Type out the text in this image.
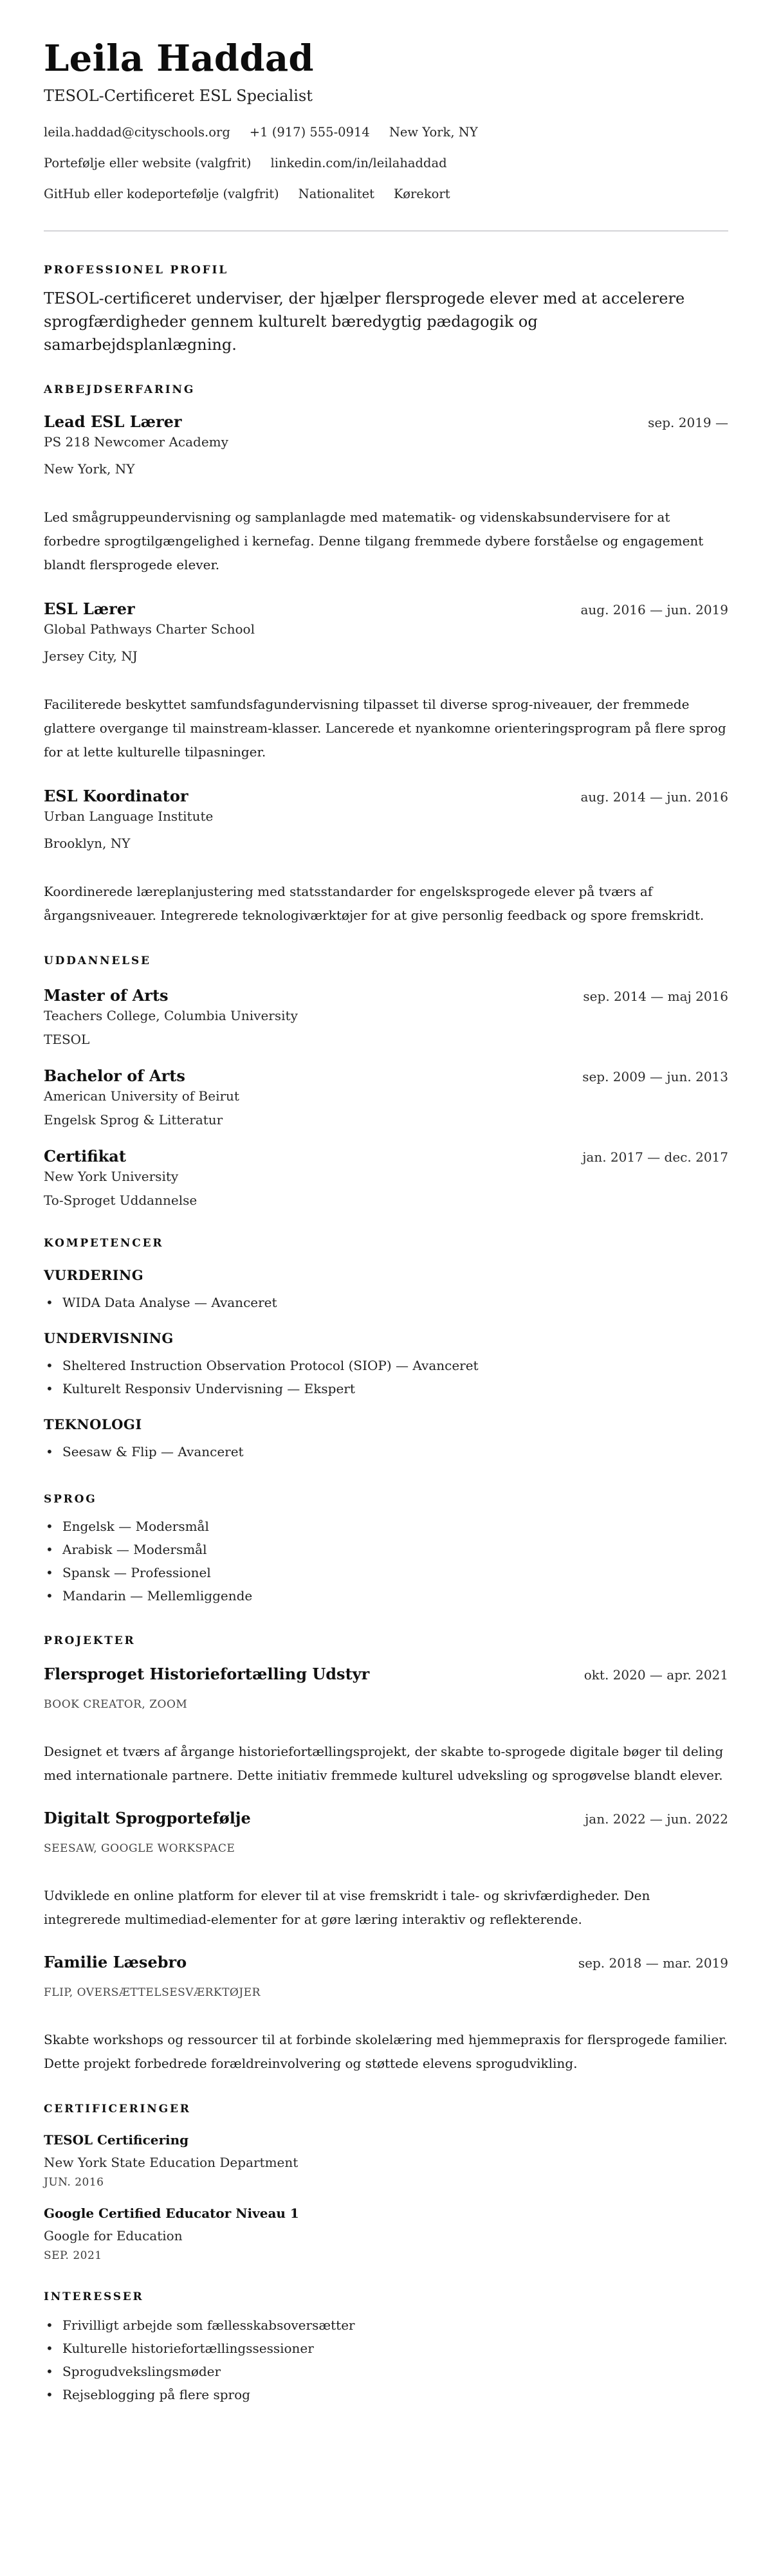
Leila Haddad
TESOL-Certificeret ESL Specialist
leila.haddad@cityschools.org +1 (917) 555-0914 New York, NY
Portefølje eller website (valgfrit) linkedin.com/in/leilahaddad
GitHub eller kodeportefølje (valgfrit) Nationalitet Kørekort
PROFESSIONEL PROFIL

TESOL-certificeret underviser, der hjælper flersprogede elever med at accelerere sprogfærdigheder gennem kulturelt bæredygtig pædagogik og samarbejdsplanlægning.

ARBEJDSERFARING
Lead ESL Lærer	sep. 2019 —
PS 218 Newcomer Academy
New York, NY

Led smågruppeundervisning og samplanlagde med matematik- og videnskabsundervisere for at forbedre sprogtilgængelighed i kernefag. Denne tilgang fremmede dybere forståelse og engagement blandt flersprogede elever.

ESL Lærer	aug. 2016 — jun. 2019
Global Pathways Charter School
Jersey City, NJ

Faciliterede beskyttet samfundsfagundervisning tilpasset til diverse sprog-niveauer, der fremmede glattere overgange til mainstream-klasser. Lancerede et nyankomne orienteringsprogram på flere sprog for at lette kulturelle tilpasninger.

ESL Koordinator	aug. 2014 — jun. 2016
Urban Language Institute
Brooklyn, NY

Koordinerede læreplanjustering med statsstandarder for engelsksprogede elever på tværs af årgangsniveauer. Integrerede teknologiværktøjer for at give personlig feedback og spore fremskridt.

UDDANNELSE
Master of Arts	sep. 2014 — maj 2016
Teachers College, Columbia University
TESOL
Bachelor of Arts	sep. 2009 — jun. 2013
American University of Beirut
Engelsk Sprog & Litteratur
Certifikat	jan. 2017 — dec. 2017
New York University
To-Sproget Uddannelse
KOMPETENCER
VURDERING
• WIDA Data Analyse — Avanceret
UNDERVISNING
• Sheltered Instruction Observation Protocol (SIOP) — Avanceret
• Kulturelt Responsiv Undervisning — Ekspert
TEKNOLOGI
• Seesaw & Flip — Avanceret
SPROG
• Engelsk — Modersmål
• Arabisk — Modersmål
• Spansk — Professionel
• Mandarin — Mellemliggende
PROJEKTER
Flersproget Historiefortælling Udstyr	okt. 2020 — apr. 2021
BOOK CREATOR, ZOOM

Designet et tværs af årgange historiefortællingsprojekt, der skabte to-sprogede digitale bøger til deling med internationale partnere. Dette initiativ fremmede kulturel udveksling og sprogøvelse blandt elever.

Digitalt Sprogportefølje	jan. 2022 — jun. 2022
SEESAW, GOOGLE WORKSPACE

Udviklede en online platform for elever til at vise fremskridt i tale- og skrivfærdigheder. Den integrerede multimediad-elementer for at gøre læring interaktiv og reflekterende.

Familie Læsebro	sep. 2018 — mar. 2019
FLIP, OVERSÆTTELSESVÆRKTØJER

Skabte workshops og ressourcer til at forbinde skolelæring med hjemmepraxis for flersprogede familier. Dette projekt forbedrede forældreinvolvering og støttede elevens sprogudvikling.

CERTIFICERINGER
TESOL Certificering
New York State Education Department
JUN. 2016
Google Certified Educator Niveau 1
Google for Education
SEP. 2021
INTERESSER
• Frivilligt arbejde som fællesskabsoversætter
• Kulturelle historiefortællingssessioner
• Sprogudvekslingsmøder
• Rejseblogging på flere sprog
